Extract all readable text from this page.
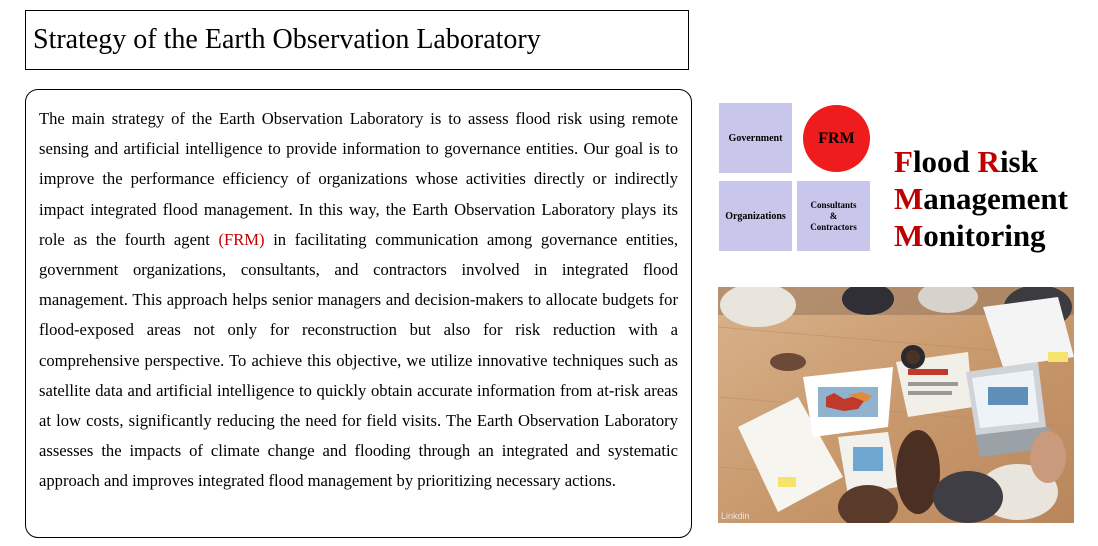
Strategy of the Earth Observation Laboratory

The main strategy of the Earth Observation Laboratory is to assess flood risk using remote sensing and artificial intelligence to provide information to governance entities. Our goal is to improve the performance efficiency of organizations whose activities directly or indirectly impact integrated flood management. In this way, the Earth Observation Laboratory plays its role as the fourth agent (FRM) in facilitating communication among governance entities, government organizations, consultants, and contractors involved in integrated flood management. This approach helps senior managers and decision-makers to allocate budgets for flood-exposed areas not only for reconstruction but also for risk reduction with a comprehensive perspective. To achieve this objective, we utilize innovative techniques such as satellite data and artificial intelligence to quickly obtain accurate information from at-risk areas at low costs, significantly reducing the need for field visits. The Earth Observation Laboratory assesses the impacts of climate change and flooding through an integrated and systematic approach and improves integrated flood management by prioritizing necessary actions.

Government FRM
Organizations
Consultants
&
Contractors
Flood Risk
Management
Monitoring
Linkdin
